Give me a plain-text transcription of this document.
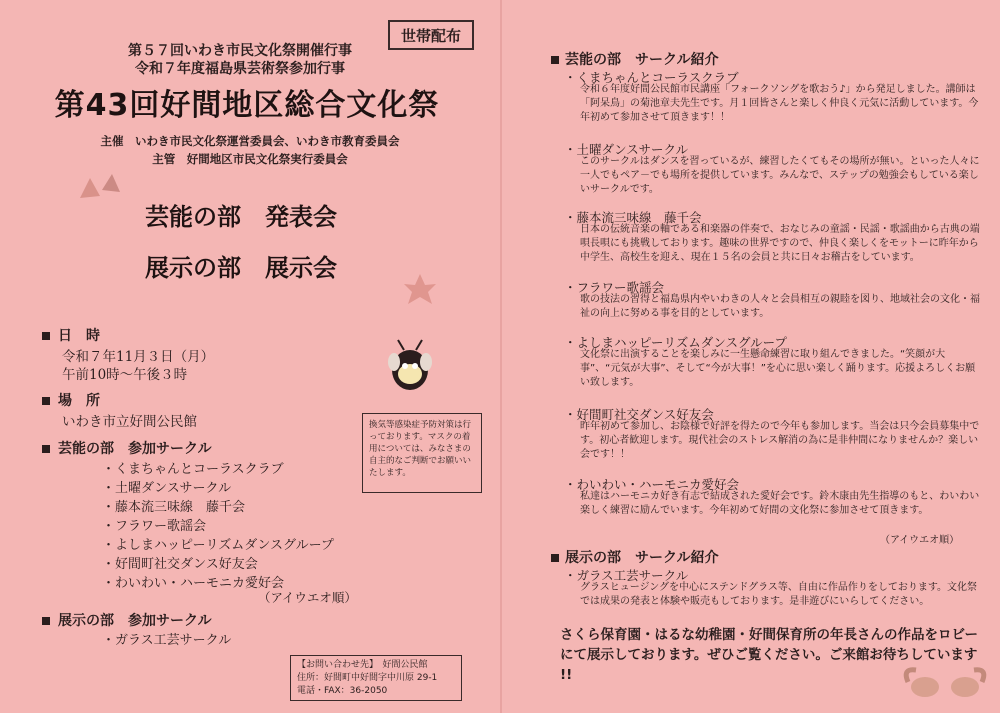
世帯配布
第５７回いわき市民文化祭開催行事
令和７年度福島県芸術祭参加行事
第43回好間地区総合文化祭
主催　いわき市民文化祭運営委員会、いわき市教育委員会
主管　好間地区市民文化祭実行委員会
芸能の部　発表会
展示の部　展示会
日　時
令和７年11月３日（月）
午前10時～午後３時
場　所
いわき市立好間公民館
芸能の部　参加サークル
・くまちゃんとコーラスクラブ
・土曜ダンスサークル
・藤本流三味線　藤千会
・フラワー歌謡会
・よしまハッピーリズムダンスグループ
・好間町社交ダンス好友会
・わいわい・ハーモニカ愛好会
（アイウエオ順）
展示の部　参加サークル
・ガラス工芸サークル
換気等感染症予防対策は行っております。マスクの着用については、みなさまの自主的なご判断でお願いいたします。
【お問い合わせ先】　好間公民館
住所：好間町中好間字中川原 29-1
電話・FAX：36-2050
芸能の部　サークル紹介
・くまちゃんとコーラスクラブ
令和６年度好間公民館市民講座「フォークソングを歌おう♪」から発足しました。講師は「阿呆鳥」の菊池章夫先生です。月１回皆さんと楽しく仲良く元気に活動しています。今年初めて参加させて頂きます！！
・土曜ダンスサークル
このサークルはダンスを習っているが、練習したくてもその場所が無い。といった人々に一人でもペア－でも場所を提供しています。みんなで、ステップの勉強会もしている楽しいサークルです。
・藤本流三味線　藤千会
日本の伝統音楽の軸である和楽器の伴奏で、おなじみの童謡・民謡・歌謡曲から古典の端唄長唄にも挑戦しております。趣味の世界ですので、仲良く楽しくをモットーに昨年から中学生、高校生を迎え、現在１５名の会員と共に日々お稽古をしています。
・フラワー歌謡会
歌の技法の習得と福島県内やいわきの人々と会員相互の親睦を図り、地域社会の文化・福祉の向上に努める事を目的としています。
・よしまハッピーリズムダンスグループ
文化祭に出演することを楽しみに一生懸命練習に取り組んできました。“笑顔が大事”、“元気が大事”、そして“今が大事！”を心に思い楽しく踊ります。応援よろしくお願い致します。
・好間町社交ダンス好友会
昨年初めて参加し、お陰様で好評を得たので今年も参加します。当会は只今会員募集中です。初心者歓迎します。現代社会のストレス解消の為に是非仲間になりませんか？楽しい会です！！
・わいわい・ハーモニカ愛好会
私達はハーモニカ好き有志で結成された愛好会です。鈴木康由先生指導のもと、わいわい楽しく練習に励んでいます。今年初めて好間の文化祭に参加させて頂きます。
（アイウエオ順）
展示の部　サークル紹介
・ガラス工芸サークル
グラスヒュージングを中心にステンドグラス等、自由に作品作りをしております。文化祭では成果の発表と体験や販売もしております。是非遊びにいらしてください。
さくら保育園・はるな幼稚園・好間保育所の年長さんの作品をロビーにて展示しております。ぜひご覧ください。ご来館お待ちしています !!
